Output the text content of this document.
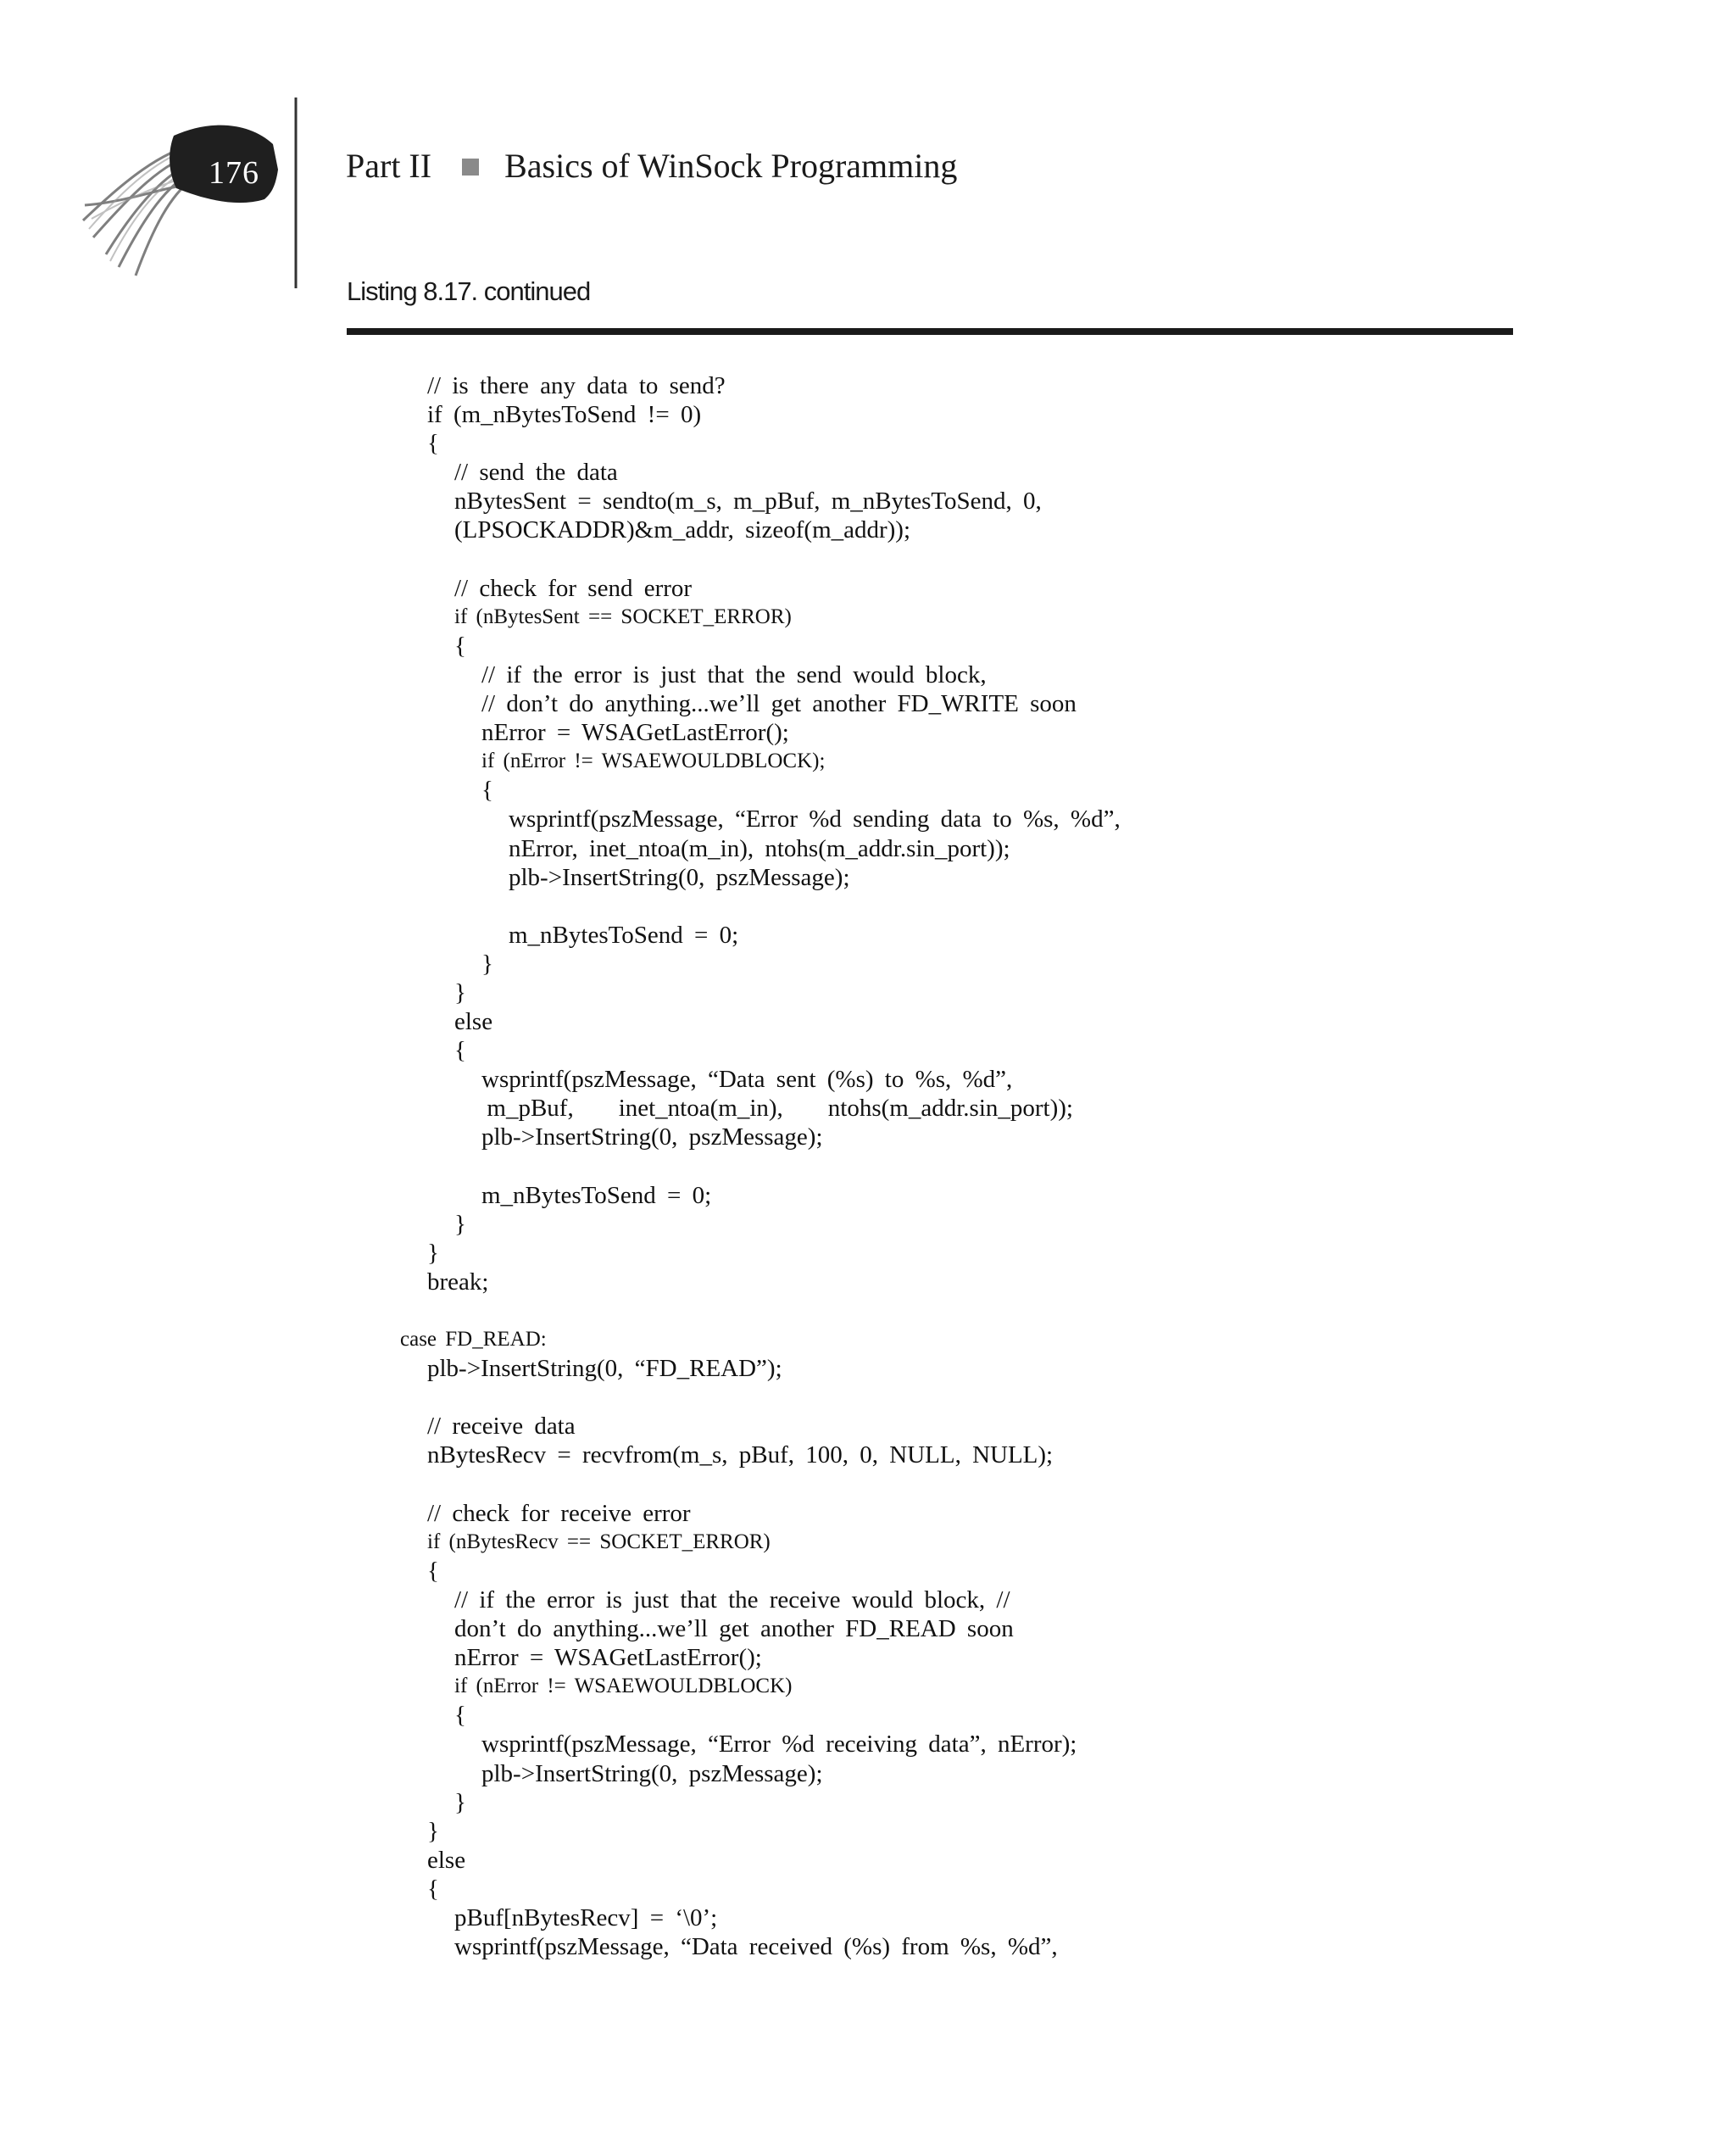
176	Part II Basics of WinSock Programming
Listing 8.17. continued
// is there any data to send?
if (m_nBytesToSend != 0)
{
// send the data
nBytesSent = sendto(m_s, m_pBuf, m_nBytesToSend, 0,
(LPSOCKADDR)&m_addr, sizeof(m_addr));
// check for send error
if (nBytesSent == SOCKET_ERROR)
{
// if the error is just that the send would block,
// don’t do anything...we’ll get another FD_WRITE soon
nError = WSAGetLastError();
if (nError != WSAEWOULDBLOCK);
{
wsprintf(pszMessage, “Error %d sending data to %s, %d”,
nError, inet_ntoa(m_in), ntohs(m_addr.sin_port));
plb->InsertString(0, pszMessage);
m_nBytesToSend = 0;
}
}
else
{
wsprintf(pszMessage, “Data sent (%s) to %s, %d”,
m_pBuf,    inet_ntoa(m_in),    ntohs(m_addr.sin_port));
plb->InsertString(0, pszMessage);
m_nBytesToSend = 0;
}
}
break;
case FD_READ:
plb->InsertString(0, “FD_READ”);
// receive data
nBytesRecv = recvfrom(m_s, pBuf, 100, 0, NULL, NULL);
// check for receive error
if (nBytesRecv == SOCKET_ERROR)
{
// if the error is just that the receive would block, //
don’t do anything...we’ll get another FD_READ soon
nError = WSAGetLastError();
if (nError != WSAEWOULDBLOCK)
{
wsprintf(pszMessage, “Error %d receiving data”, nError);
plb->InsertString(0, pszMessage);
}
}
else
{
pBuf[nBytesRecv] = ‘\0’;
wsprintf(pszMessage, “Data received (%s) from %s, %d”,
